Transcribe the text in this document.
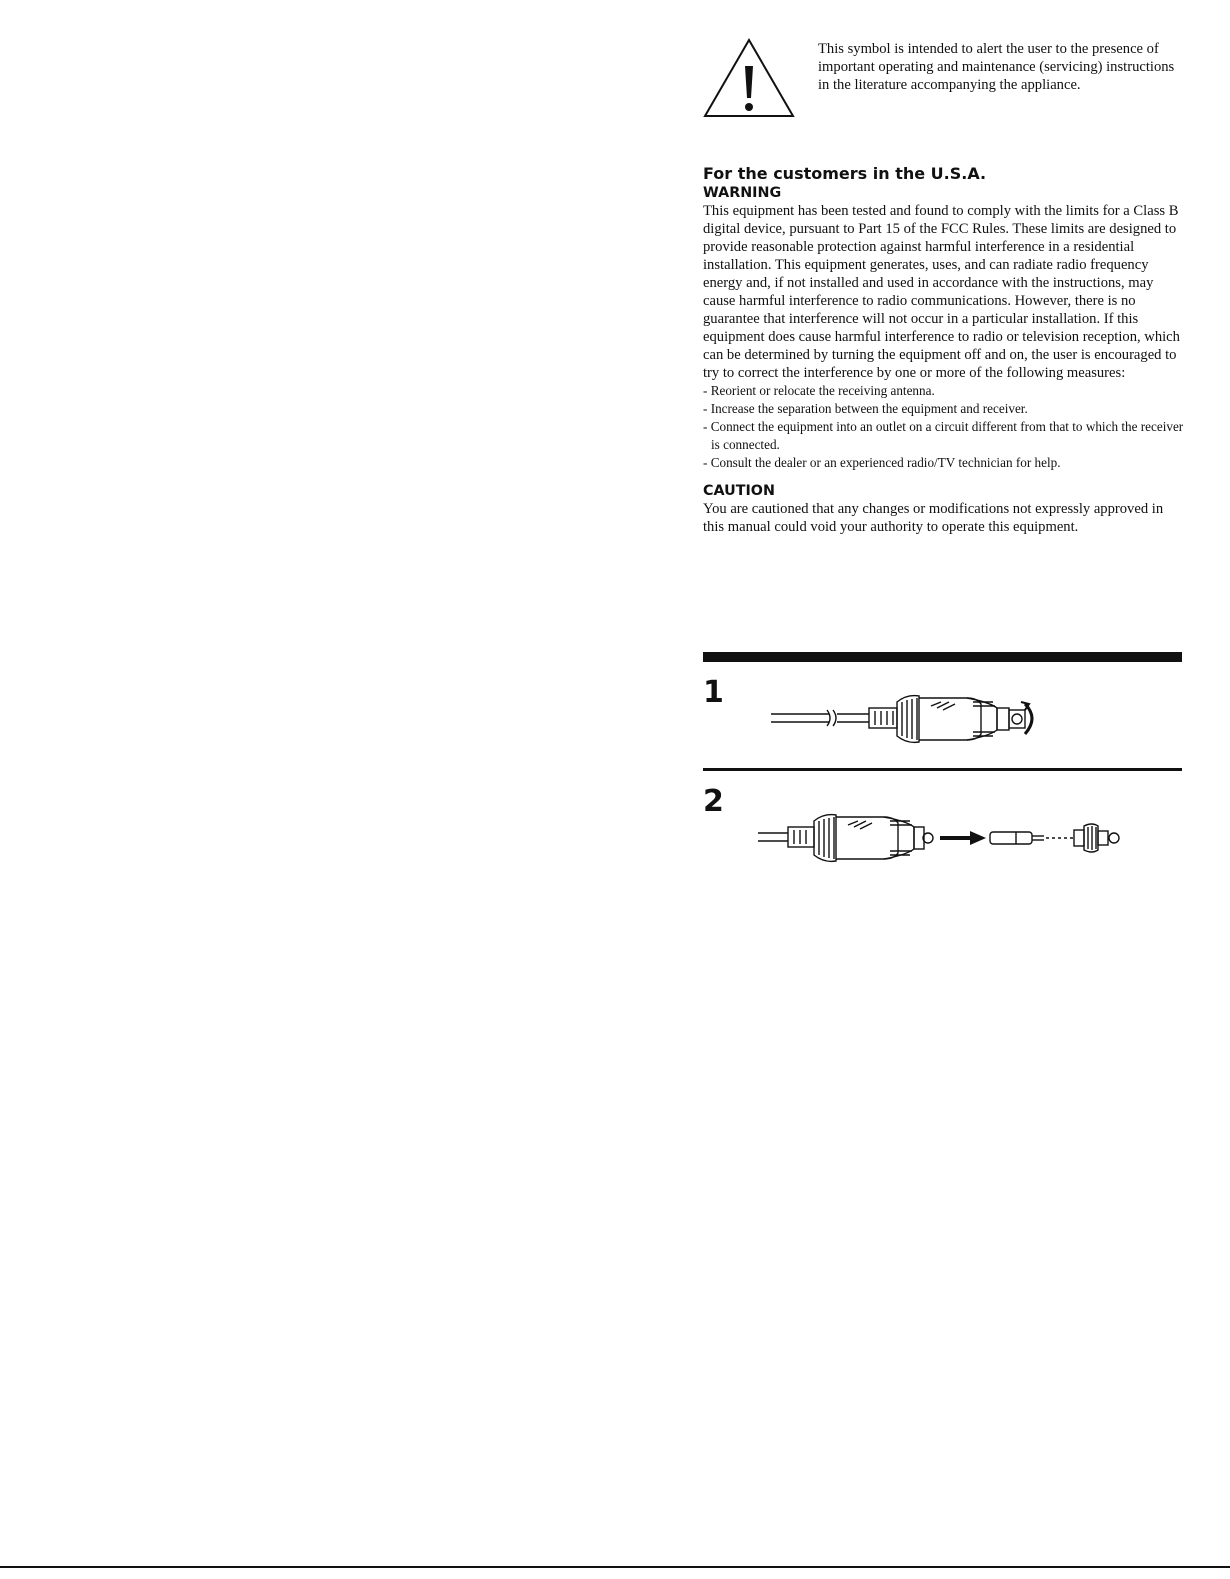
This symbol is intended to alert the user to the presence of important operating and maintenance (servicing) instructions in the literature accompanying the appliance.

For the customers in the U.S.A.
WARNING

This equipment has been tested and found to comply with the limits for a Class B digital device, pursuant to Part 15 of the FCC Rules. These limits are designed to provide reasonable protection against harmful interference in a residential installation. This equipment generates, uses, and can radiate radio frequency energy and, if not installed and used in accordance with the instructions, may cause harmful interference to radio communications. However, there is no guarantee that interference will not occur in a particular installation. If this equipment does cause harmful interference to radio or television reception, which can be determined by turning the equipment off and on, the user is encouraged to try to correct the interference by one or more of the following measures:

- Reorient or relocate the receiving antenna.
- Increase the separation between the equipment and receiver.
- Connect the equipment into an outlet on a circuit different from that to which the receiver is connected.
- Consult the dealer or an experienced radio/TV technician for help.
CAUTION

You are cautioned that any changes or modifications not expressly approved in this manual could void your authority to operate this equipment.

1
2
